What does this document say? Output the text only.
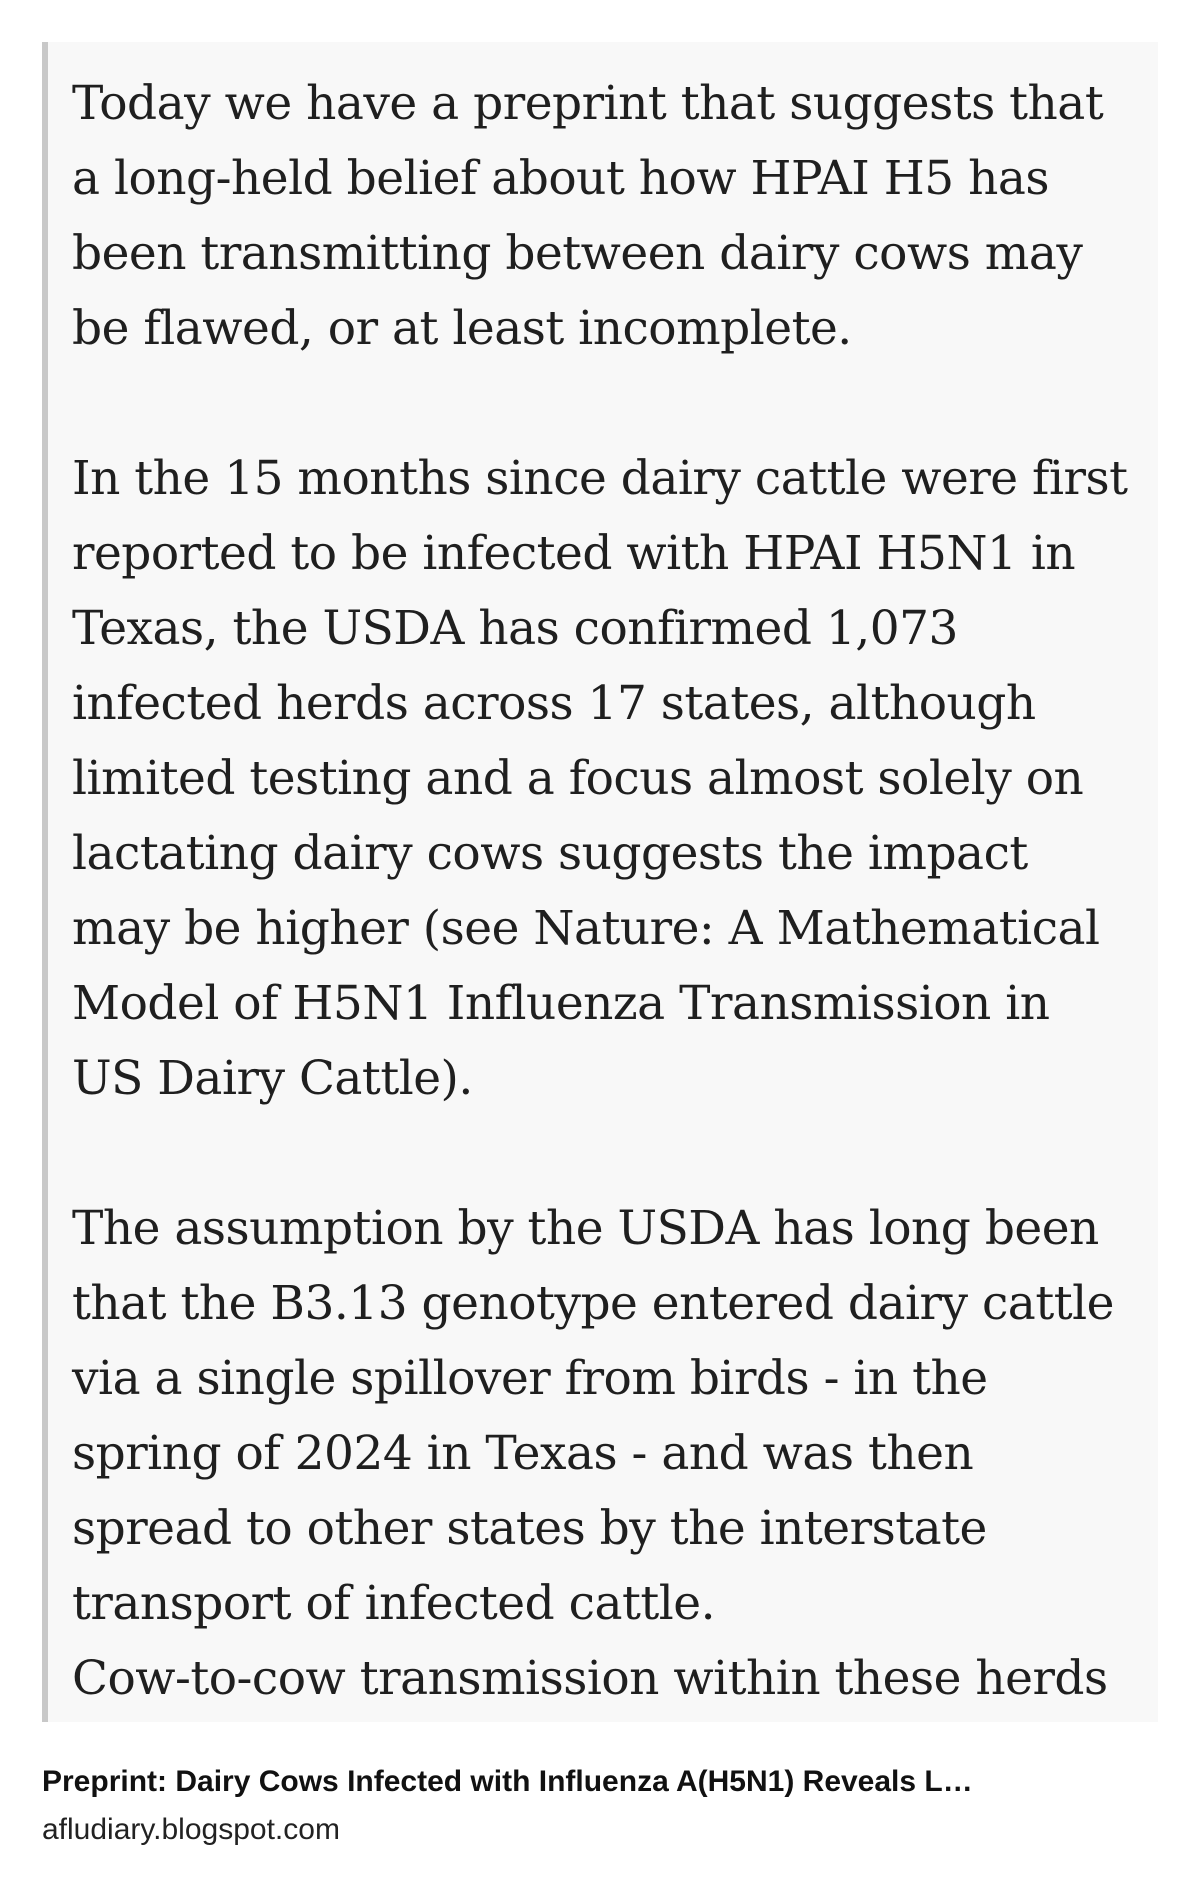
Today we have a preprint that suggests that a long-held belief about how HPAI H5 has been transmitting between dairy cows may be flawed, or at least incomplete.

In the 15 months since dairy cattle were first reported to be infected with HPAI H5N1 in Texas, the USDA has confirmed 1,073 infected herds across 17 states, although limited testing and a focus almost solely on lactating dairy cows suggests the impact may be higher (see Nature: A Mathematical Model of H5N1 Influenza Transmission in US Dairy Cattle).

The assumption by the USDA has long been that the B3.13 genotype entered dairy cattle via a single spillover from birds - in the spring of 2024 in Texas - and was then spread to other states by the interstate transport of infected cattle.

Cow-to-cow transmission within these herds

Preprint: Dairy Cows Infected with Influenza A(H5N1) Reveals L…
afludiary.blogspot.com
